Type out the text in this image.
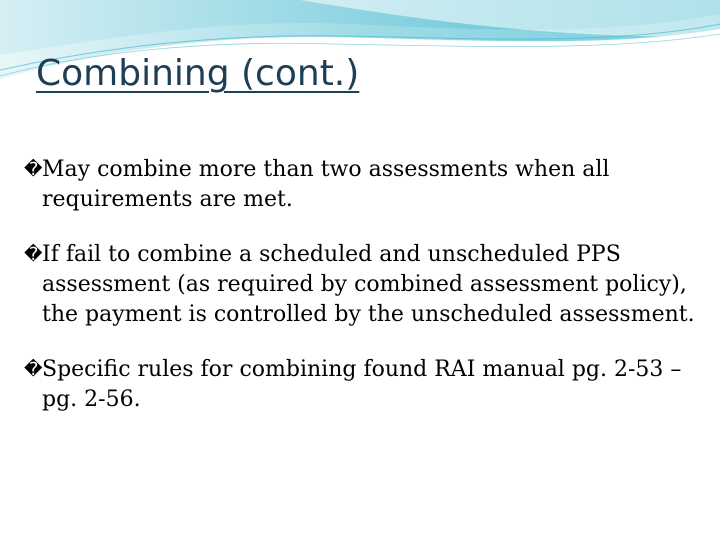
Combining (cont.)
� May combine more than two assessments when all requirements are met.
� If fail to combine a scheduled and unscheduled PPS assessment (as required by combined assessment policy), the payment is controlled by the unscheduled assessment.
� Specific rules for combining found RAI manual pg. 2-53 – pg. 2-56.
